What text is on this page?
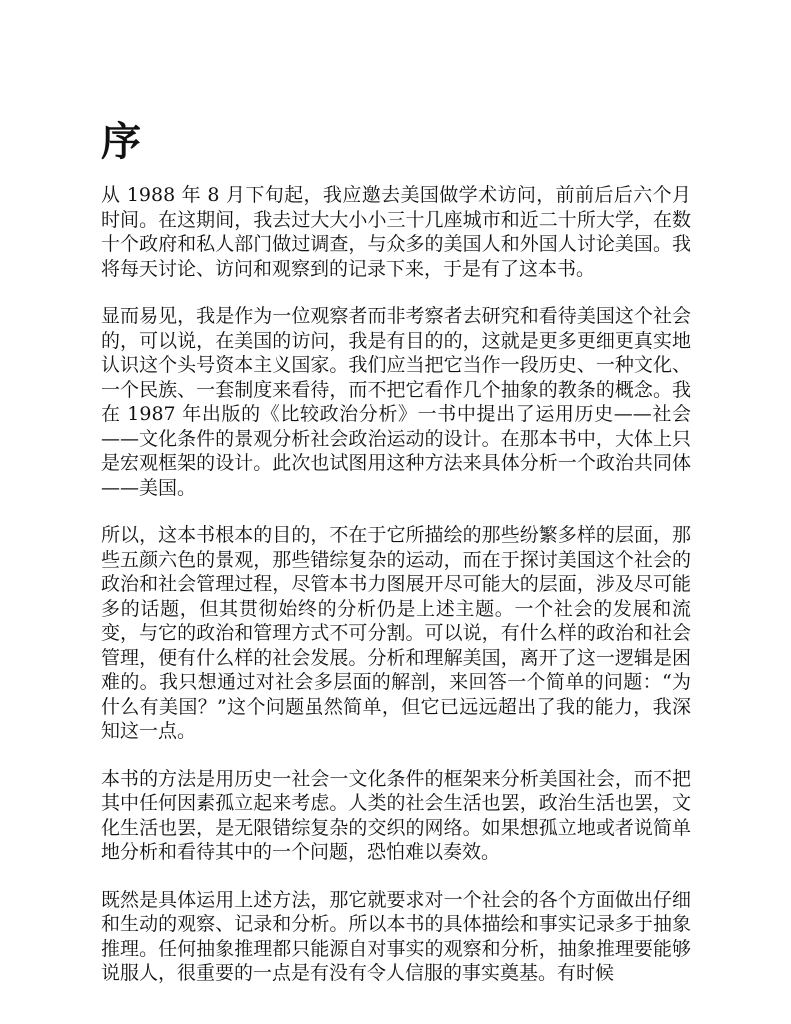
序

从 1988 年 8 月下旬起，我应邀去美国做学术访问，前前后后六个月时间。在这期间，我去过大大小小三十几座城市和近二十所大学，在数十个政府和私人部门做过调查，与众多的美国人和外国人讨论美国。我将每天讨论、访问和观察到的记录下来，于是有了这本书。

显而易见，我是作为一位观察者而非考察者去研究和看待美国这个社会的，可以说，在美国的访问，我是有目的的，这就是更多更细更真实地认识这个头号资本主义国家。我们应当把它当作一段历史、一种文化、一个民族、一套制度来看待，而不把它看作几个抽象的教条的概念。我在 1987 年出版的《比较政治分析》一书中提出了运用历史——社会——文化条件的景观分析社会政治运动的设计。在那本书中，大体上只是宏观框架的设计。此次也试图用这种方法来具体分析一个政治共同体——美国。

所以，这本书根本的目的，不在于它所描绘的那些纷繁多样的层面，那些五颜六色的景观，那些错综复杂的运动，而在于探讨美国这个社会的政治和社会管理过程，尽管本书力图展开尽可能大的层面，涉及尽可能多的话题，但其贯彻始终的分析仍是上述主题。一个社会的发展和流变，与它的政治和管理方式不可分割。可以说，有什么样的政治和社会管理，便有什么样的社会发展。分析和理解美国，离开了这一逻辑是困难的。我只想通过对社会多层面的解剖，来回答一个简单的问题：“为什么有美国？”这个问题虽然简单，但它已远远超出了我的能力，我深知这一点。

本书的方法是用历史一社会一文化条件的框架来分析美国社会，而不把其中任何因素孤立起来考虑。人类的社会生活也罢，政治生活也罢，文化生活也罢，是无限错综复杂的交织的网络。如果想孤立地或者说简单地分析和看待其中的一个问题，恐怕难以奏效。

既然是具体运用上述方法，那它就要求对一个社会的各个方面做出仔细和生动的观察、记录和分析。所以本书的具体描绘和事实记录多于抽象推理。任何抽象推理都只能源自对事实的观察和分析，抽象推理要能够说服人，很重要的一点是有没有令人信服的事实奠基。有时候
